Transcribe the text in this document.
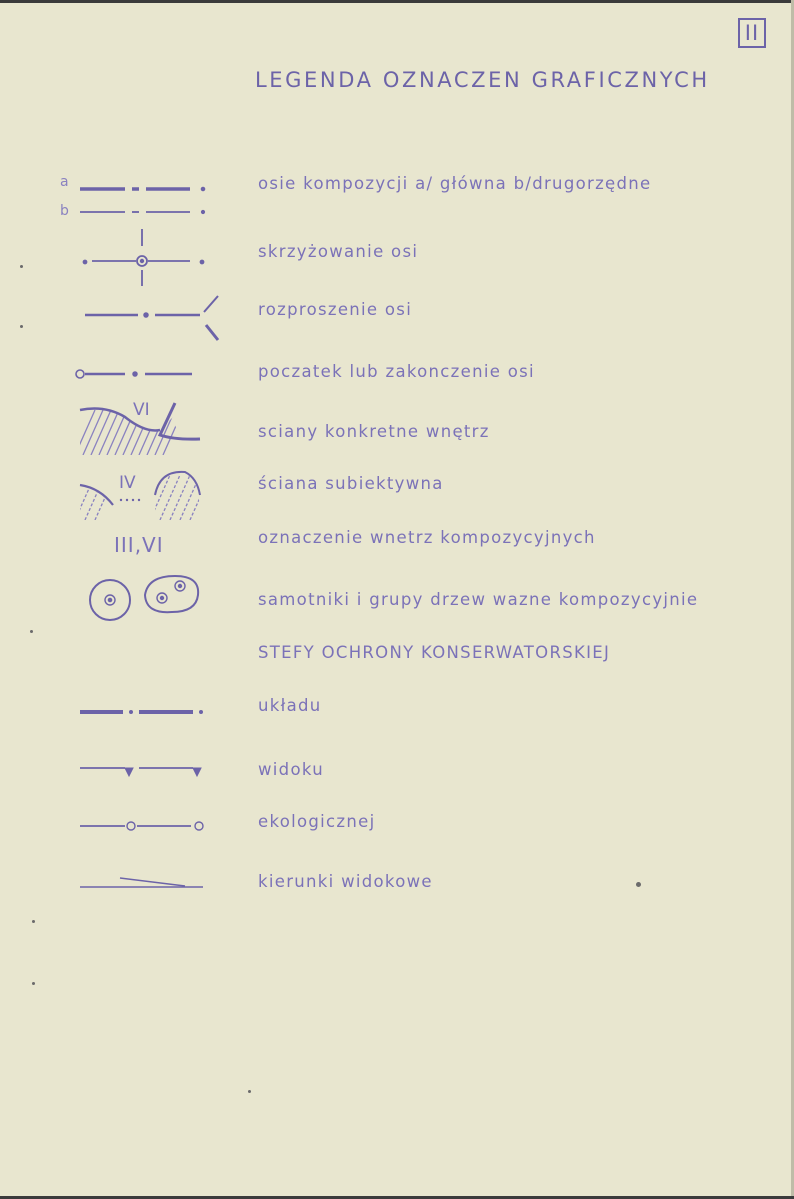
II
LEGENDA OZNACZEN GRAFICZNYCH
a
b
osie kompozycji a/ główna b/drugorzędne
skrzyżowanie osi
rozproszenie osi
poczatek lub zakonczenie osi
VI
sciany konkretne wnętrz
IV	ściana subiektywna
III,VI	oznaczenie wnetrz kompozycyjnych
samotniki i grupy drzew wazne kompozycyjnie
STEFY OCHRONY KONSERWATORSKIEJ
układu
widoku
ekologicznej
kierunki widokowe
